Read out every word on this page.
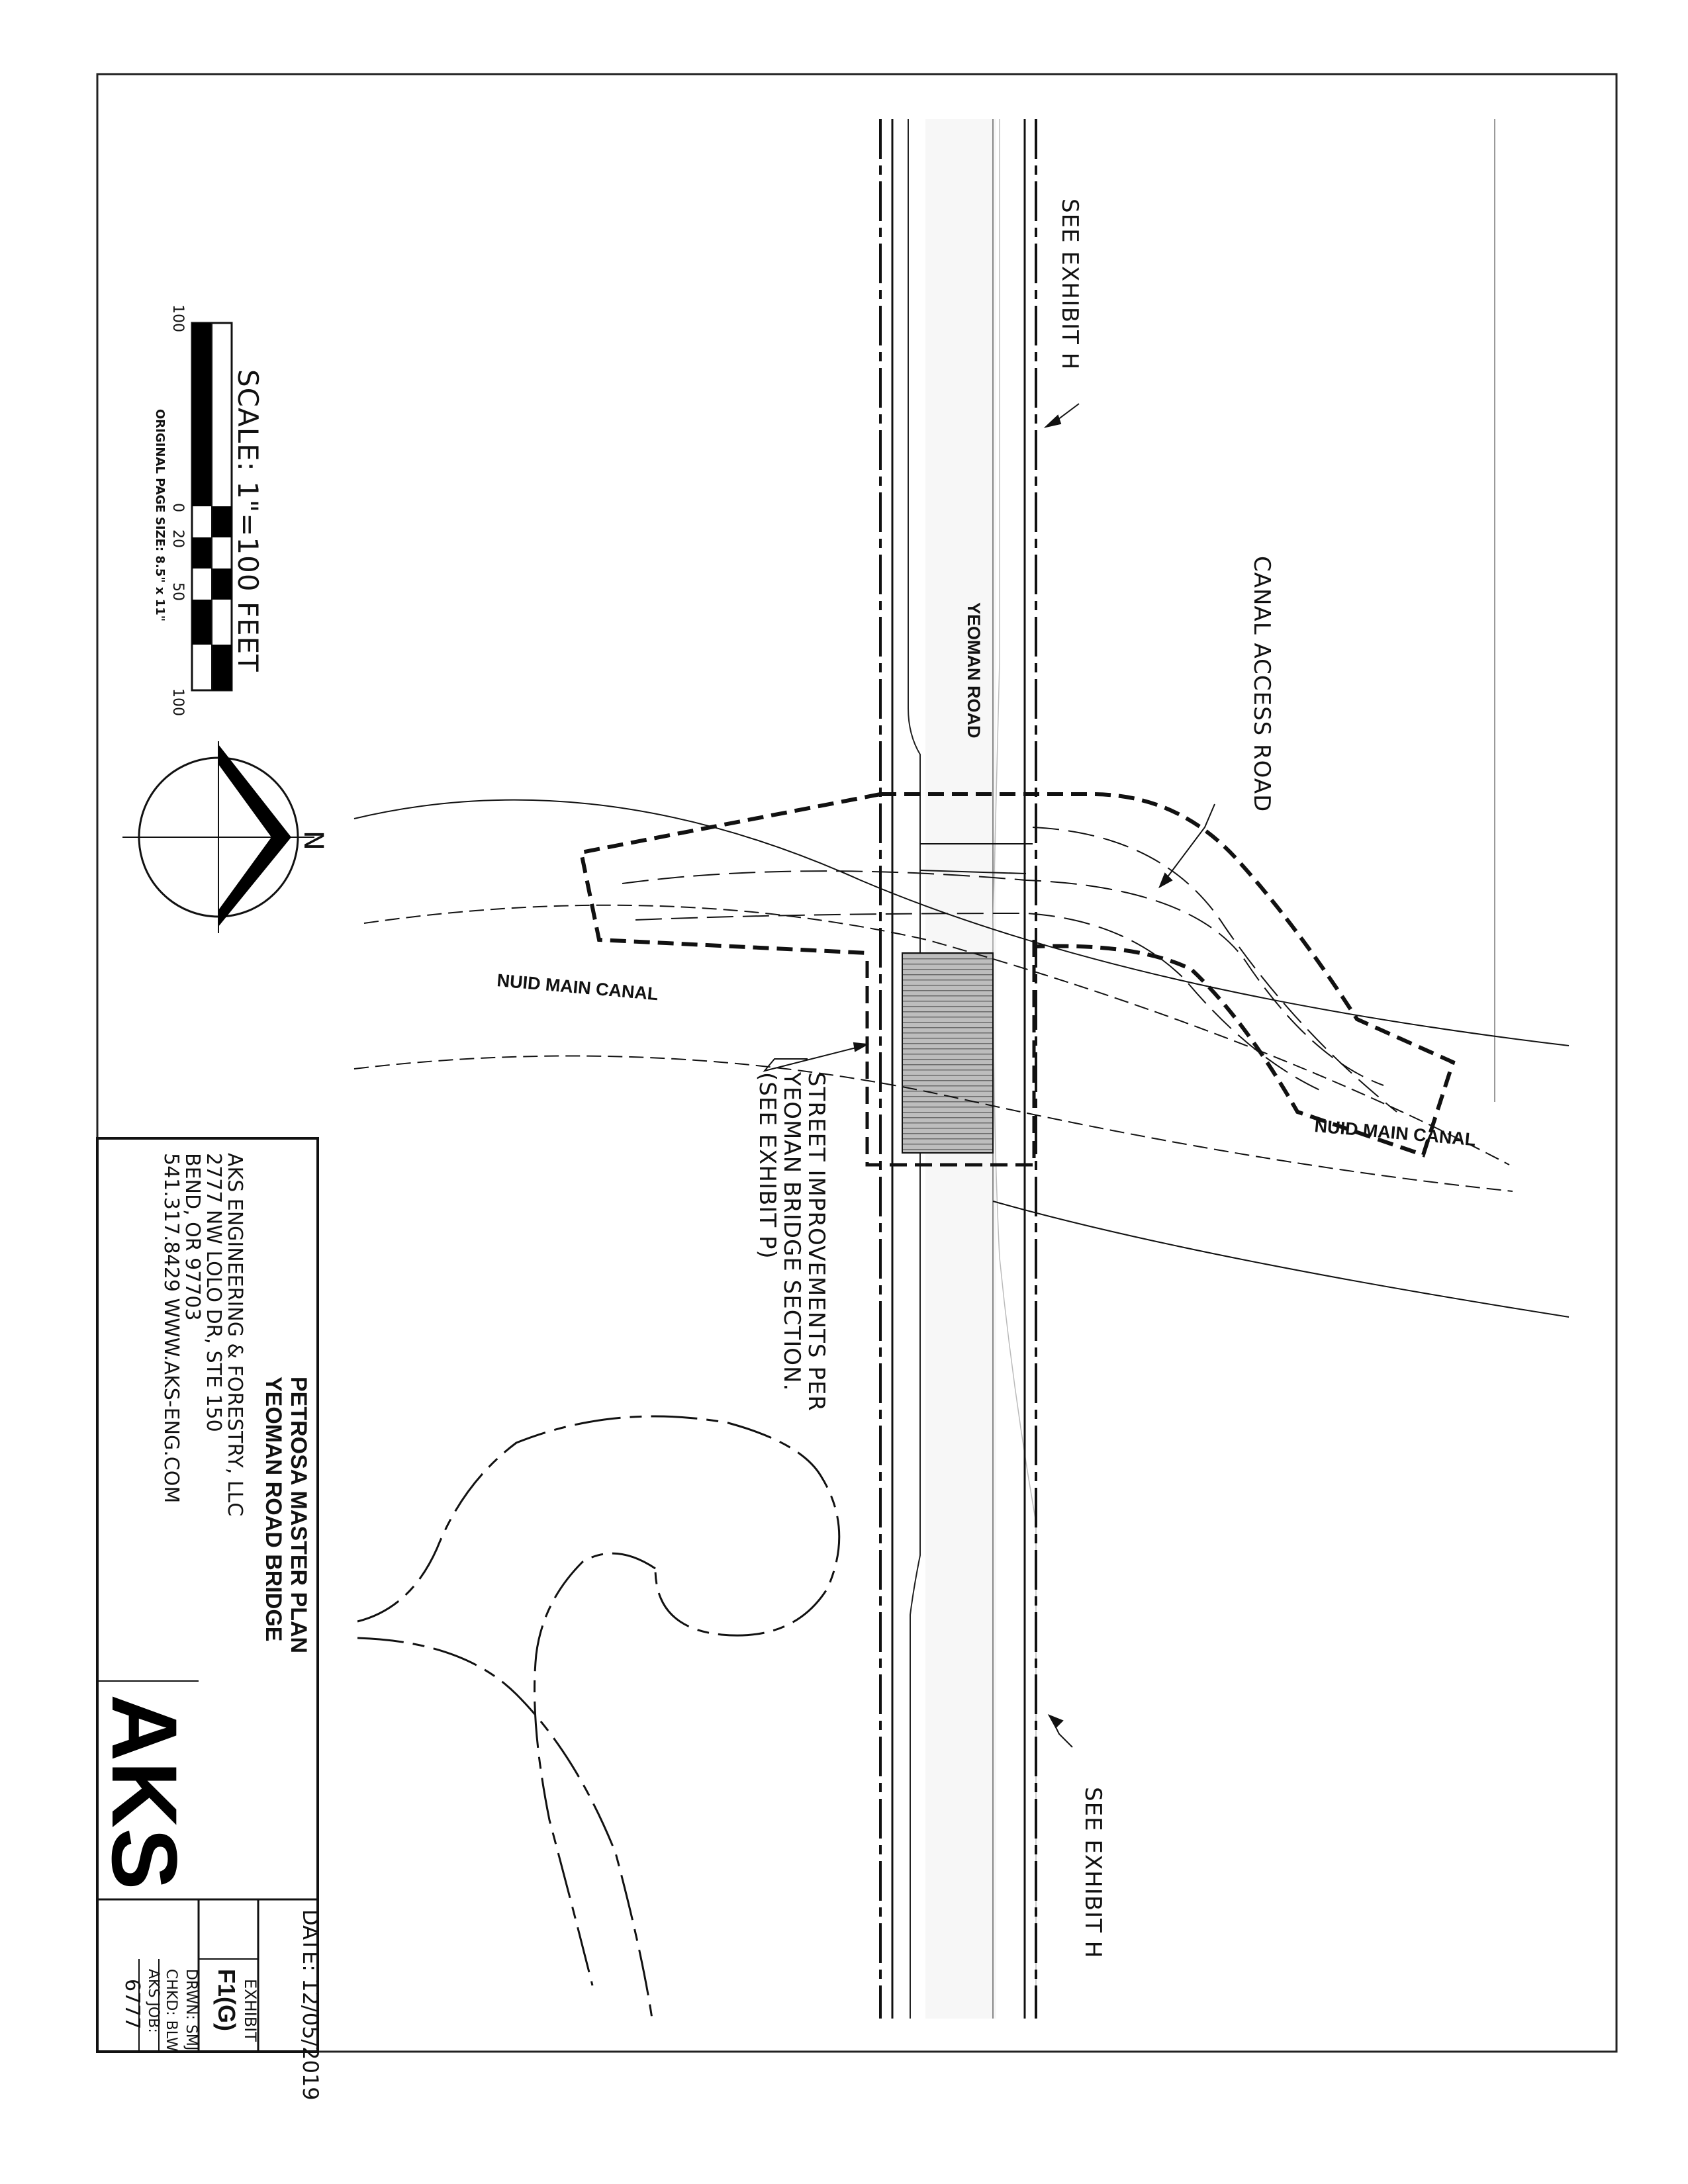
SEE EXHIBIT H
CANAL ACCESS ROAD
YEOMAN ROAD
SEE EXHIBIT H
STREET IMPROVEMENTS PER
YEOMAN BRIDGE SECTION.
(SEE EXHIBIT P)
NUID MAIN CANAL
NUID MAIN CANAL
SCALE: 1"=100 FEET
100
0
20
50
100
ORIGINAL PAGE SIZE: 8.5" x 11"
N
PETROSA MASTER PLAN
YEOMAN ROAD BRIDGE
AKS ENGINEERING & FORESTRY, LLC
2777 NW LOLO DR, STE 150
BEND, OR 97703
541.317.8429 WWW.AKS-ENG.COM
AKS
DATE: 12/05/2019
EXHIBIT
F1(G)
DRWN: SMJ
CHKD: BLW
AKS JOB:
6777
